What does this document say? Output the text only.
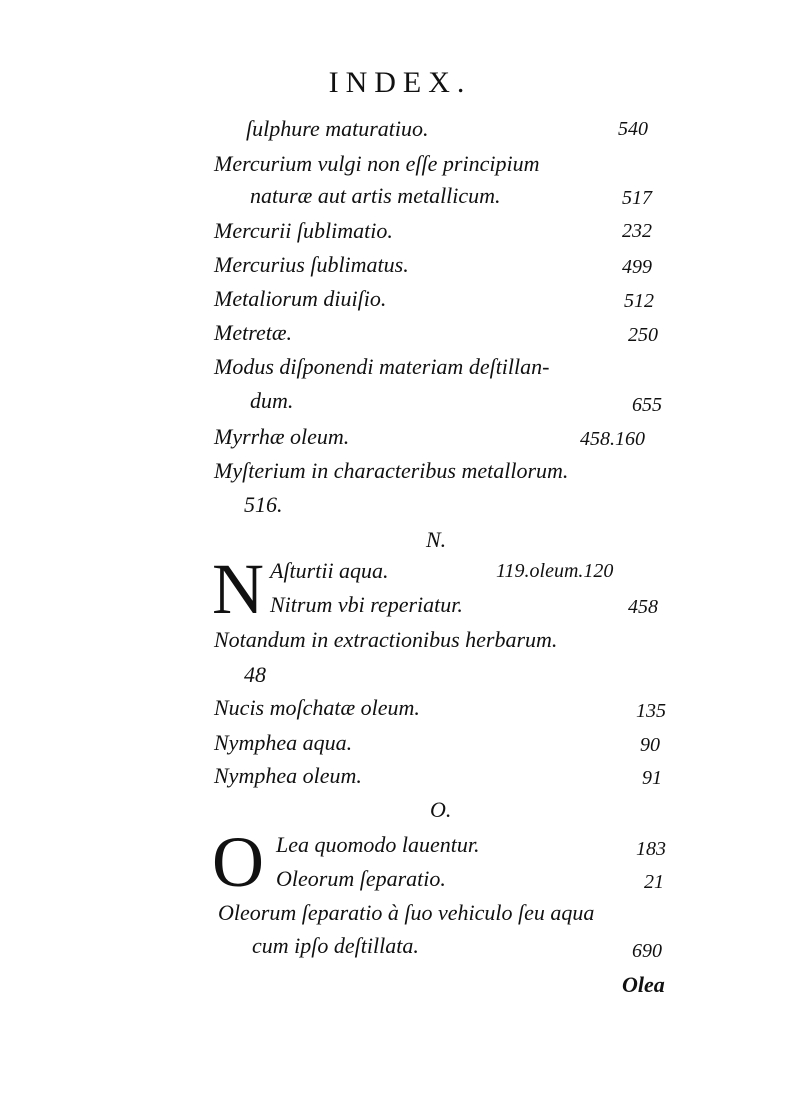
INDEX.
ſulphure maturatiuo.	540
Mercurium vulgi non eſſe principium
naturæ aut artis metallicum.	517
Mercurii ſublimatio.	232
Mercurius ſublimatus.	499
Metaliorum diuiſio.	512
Metretæ.	250
Modus diſponendi materiam deſtillan-
dum.	655
Myrrhæ oleum.	458.160
Myſterium in characteribus metallorum.
516.
N.
N Aſturtii aqua.	119.oleum.120
Nitrum vbi reperiatur.	458
Notandum in extractionibus herbarum.
48
Nucis moſchatæ oleum.	135
Nymphea aqua.	90
Nymphea oleum.	91
O.
O Lea quomodo lauentur.	183
Oleorum ſeparatio.	21
Oleorum ſeparatio à ſuo vehiculo ſeu aqua
cum ipſo deſtillata.	690
Olea
